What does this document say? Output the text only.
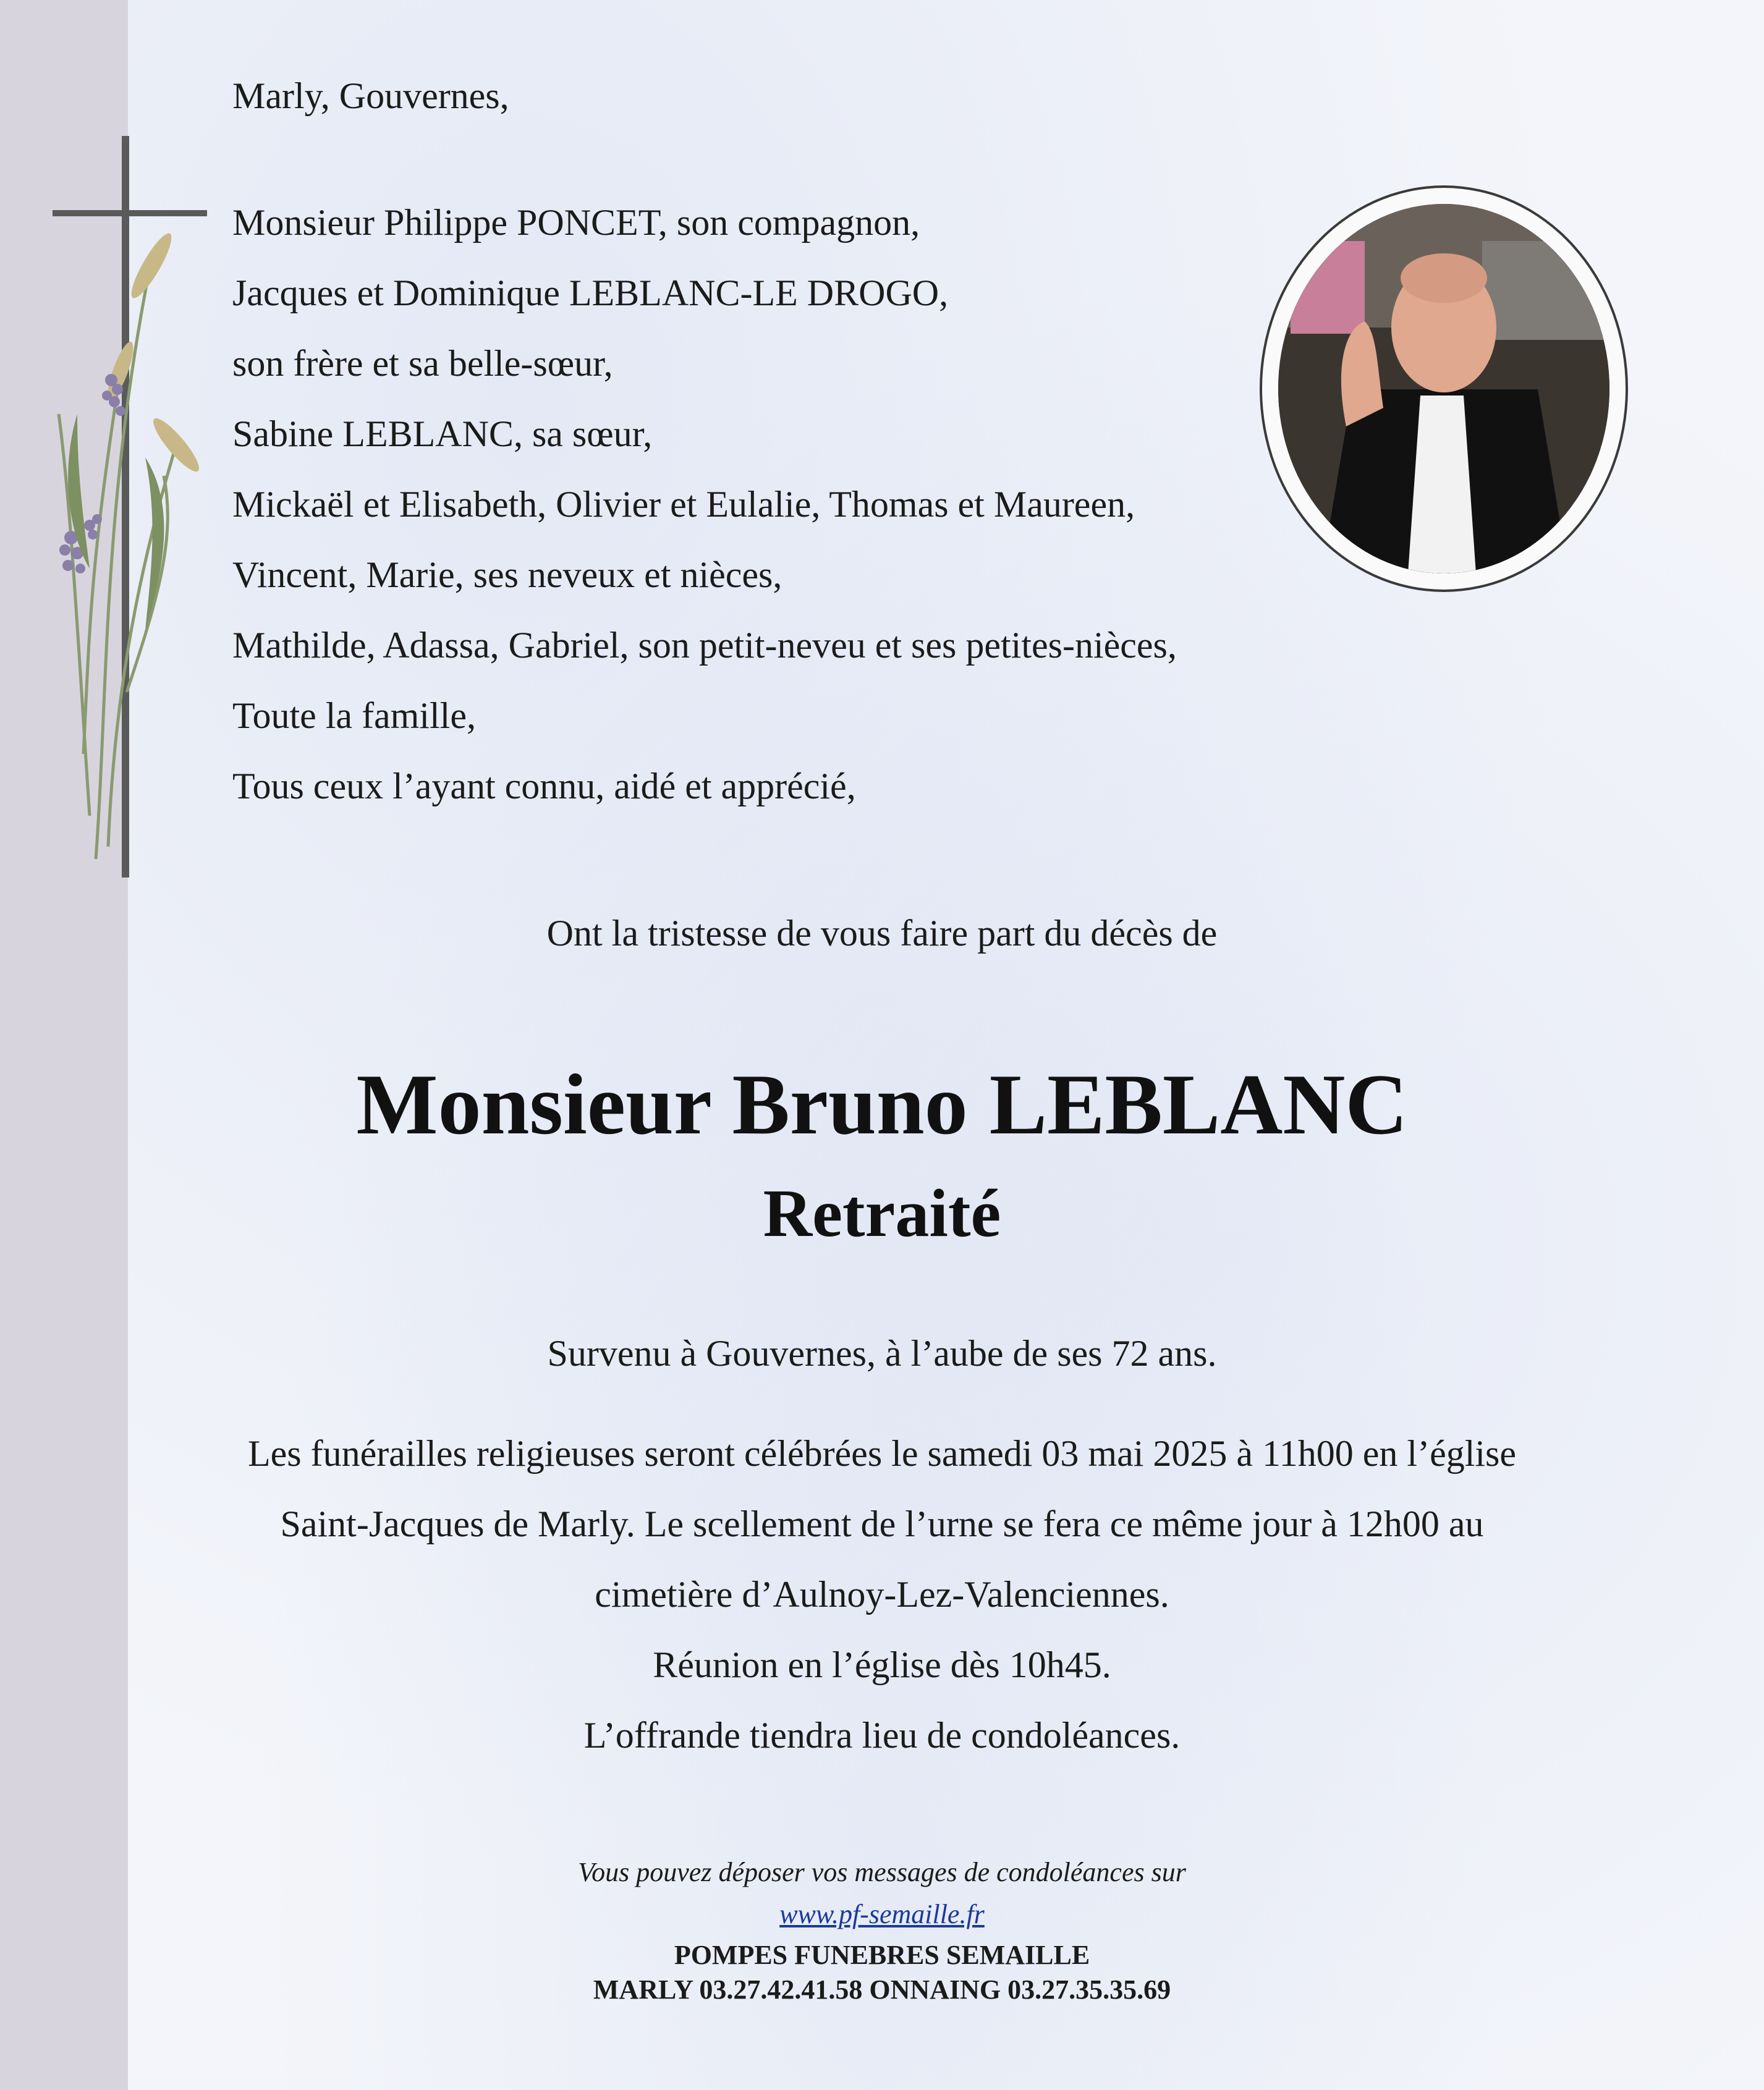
Marly, Gouvernes,
Monsieur Philippe PONCET, son compagnon,
Jacques et Dominique LEBLANC-LE DROGO,
son frère et sa belle-sœur,
Sabine LEBLANC, sa sœur,
Mickaël et Elisabeth, Olivier et Eulalie, Thomas et Maureen,
Vincent, Marie, ses neveux et nièces,
Mathilde, Adassa, Gabriel, son petit-neveu et ses petites-nièces,
Toute la famille,
Tous ceux l’ayant connu, aidé et apprécié,
Ont la tristesse de vous faire part du décès de
Monsieur Bruno LEBLANC
Retraité
Survenu à Gouvernes, à l’aube de ses 72 ans.
Les funérailles religieuses seront célébrées le samedi 03 mai 2025 à 11h00 en l’église
Saint-Jacques de Marly. Le scellement de l’urne se fera ce même jour à 12h00 au
cimetière d’Aulnoy-Lez-Valenciennes.
Réunion en l’église dès 10h45.
L’offrande tiendra lieu de condoléances.
Vous pouvez déposer vos messages de condoléances sur
www.pf-semaille.fr
POMPES FUNEBRES SEMAILLE
MARLY 03.27.42.41.58 ONNAING 03.27.35.35.69
